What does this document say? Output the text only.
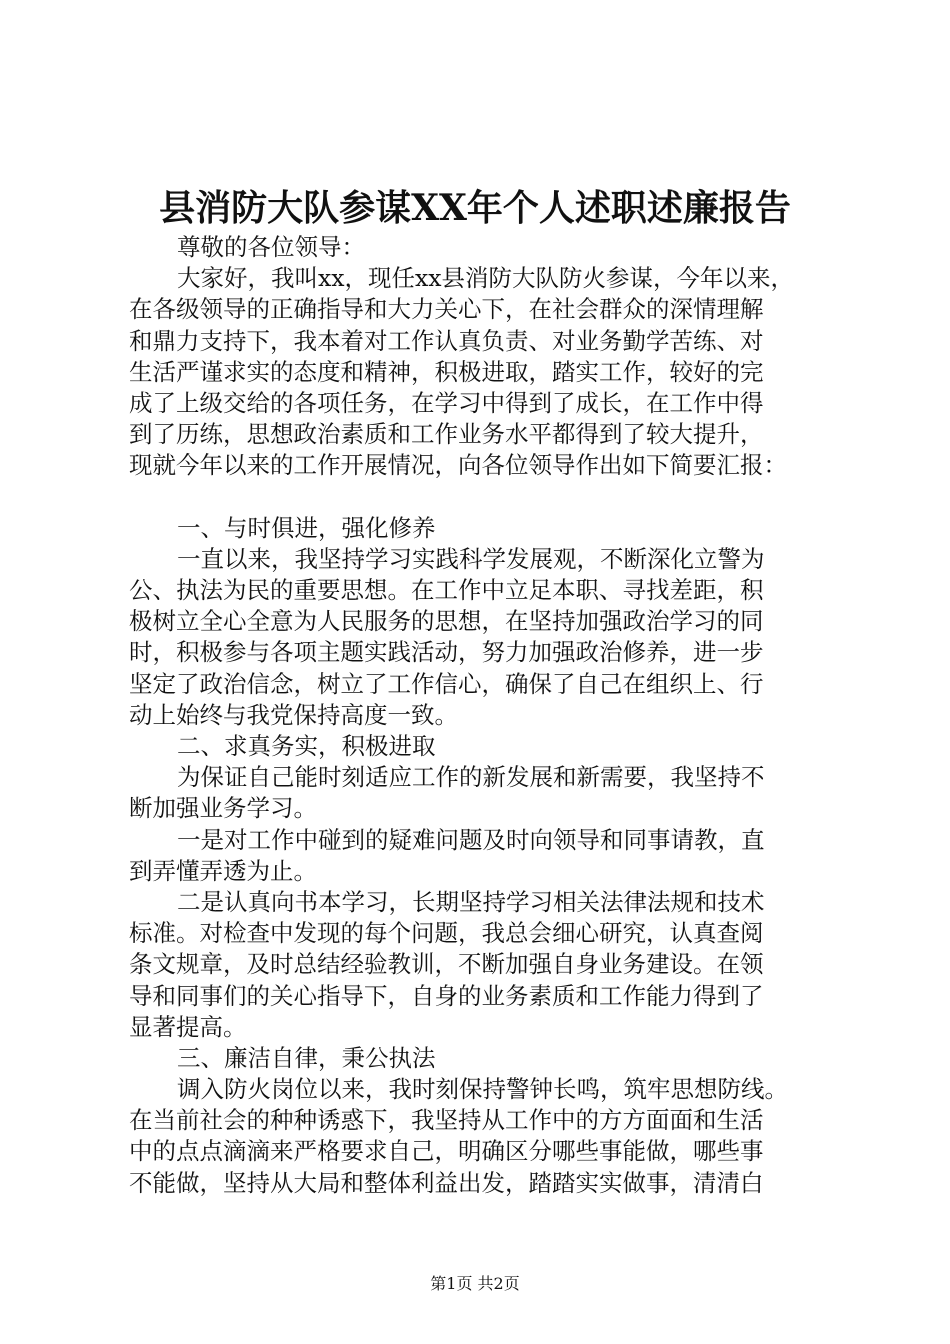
县消防大队参谋XX年个人述职述廉报告
尊敬的各位领导：
大家好，我叫xx，现任xx县消防大队防火参谋，今年以来，
在各级领导的正确指导和大力关心下，在社会群众的深情理解
和鼎力支持下，我本着对工作认真负责、对业务勤学苦练、对
生活严谨求实的态度和精神，积极进取，踏实工作，较好的完
成了上级交给的各项任务，在学习中得到了成长，在工作中得
到了历练，思想政治素质和工作业务水平都得到了较大提升，
现就今年以来的工作开展情况，向各位领导作出如下简要汇报：
一、与时俱进，强化修养
一直以来，我坚持学习实践科学发展观，不断深化立警为
公、执法为民的重要思想。在工作中立足本职、寻找差距，积
极树立全心全意为人民服务的思想，在坚持加强政治学习的同
时，积极参与各项主题实践活动，努力加强政治修养，进一步
坚定了政治信念，树立了工作信心，确保了自己在组织上、行
动上始终与我党保持高度一致。
二、求真务实，积极进取
为保证自己能时刻适应工作的新发展和新需要，我坚持不
断加强业务学习。
一是对工作中碰到的疑难问题及时向领导和同事请教，直
到弄懂弄透为止。
二是认真向书本学习，长期坚持学习相关法律法规和技术
标准。对检查中发现的每个问题，我总会细心研究，认真查阅
条文规章，及时总结经验教训，不断加强自身业务建设。在领
导和同事们的关心指导下，自身的业务素质和工作能力得到了
显著提高。
三、廉洁自律，秉公执法
调入防火岗位以来，我时刻保持警钟长鸣，筑牢思想防线。
在当前社会的种种诱惑下，我坚持从工作中的方方面面和生活
中的点点滴滴来严格要求自己，明确区分哪些事能做，哪些事
不能做，坚持从大局和整体利益出发，踏踏实实做事，清清白
第1页 共2页
